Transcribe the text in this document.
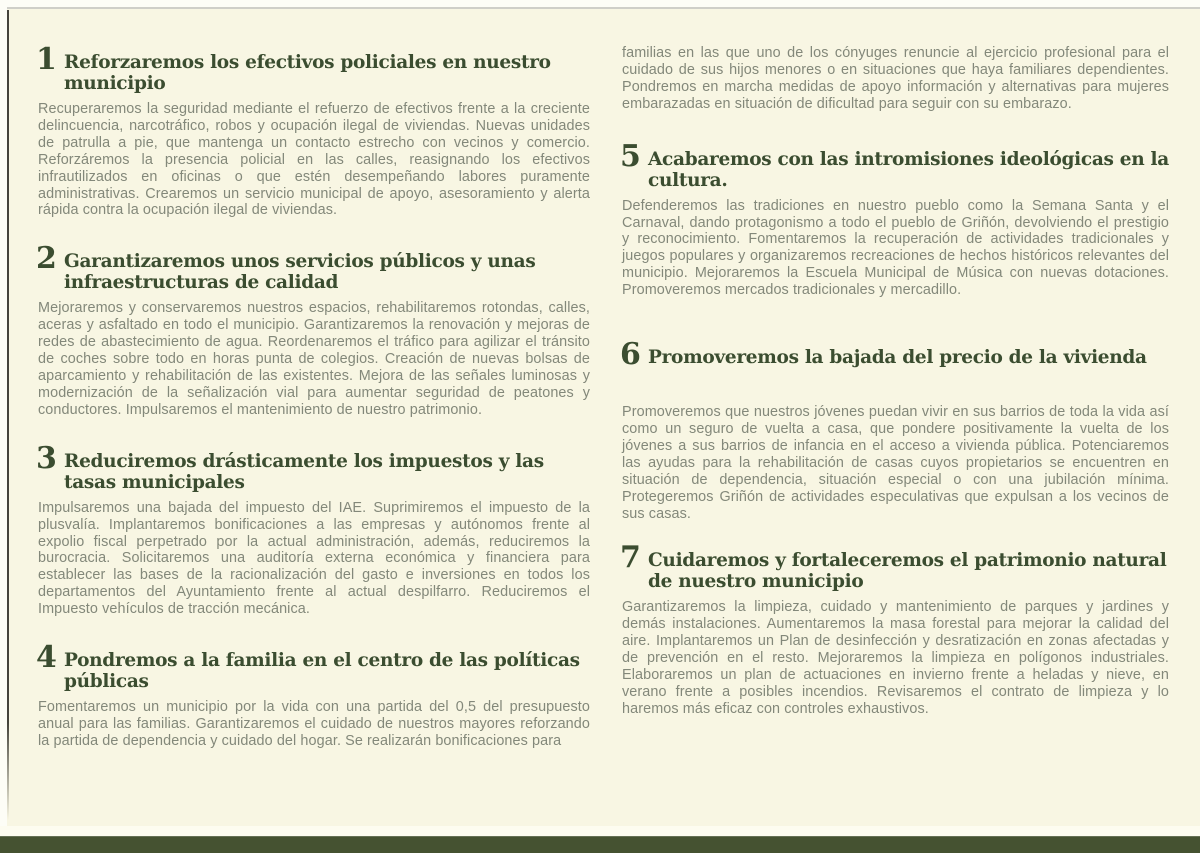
1 Reforzaremos los efectivos policiales en nuestro municipio

Recuperaremos la seguridad mediante el refuerzo de efectivos frente a la creciente delincuencia, narcotráfico, robos y ocupación ilegal de viviendas. Nuevas unidades de patrulla a pie, que mantenga un contacto estrecho con vecinos y comercio. Reforzáremos la presencia policial en las calles, reasignando los efectivos infrautilizados en oficinas o que estén desempeñando labores puramente administrativas. Crearemos un servicio municipal de apoyo, asesoramiento y alerta rápida contra la ocupación ilegal de viviendas.

2 Garantizaremos unos servicios públicos y unas infraestructuras de calidad

Mejoraremos y conservaremos nuestros espacios, rehabilitaremos rotondas, calles, aceras y asfaltado en todo el municipio. Garantizaremos la renovación y mejoras de redes de abastecimiento de agua. Reordenaremos el tráfico para agilizar el tránsito de coches sobre todo en horas punta de colegios. Creación de nuevas bolsas de aparcamiento y rehabilitación de las existentes. Mejora de las señales luminosas y modernización de la señalización vial para aumentar seguridad de peatones y conductores. Impulsaremos el mantenimiento de nuestro patrimonio.

3 Reduciremos drásticamente los impuestos y las tasas municipales

Impulsaremos una bajada del impuesto del IAE. Suprimiremos el impuesto de la plusvalía. Implantaremos bonificaciones a las empresas y autónomos frente al expolio fiscal perpetrado por la actual administración, además, reduciremos la burocracia. Solicitaremos una auditoría externa económica y financiera para establecer las bases de la racionalización del gasto e inversiones en todos los departamentos del Ayuntamiento frente al actual despilfarro. Reduciremos el Impuesto vehículos de tracción mecánica.

4 Pondremos a la familia en el centro de las políticas públicas

Fomentaremos un municipio por la vida con una partida del 0,5 del presupuesto anual para las familias. Garantizaremos el cuidado de nuestros mayores reforzando la partida de dependencia y cuidado del hogar. Se realizarán bonificaciones para

familias en las que uno de los cónyuges renuncie al ejercicio profesional para el cuidado de sus hijos menores o en situaciones que haya familiares dependientes. Pondremos en marcha medidas de apoyo información y alternativas para mujeres embarazadas en situación de dificultad para seguir con su embarazo.

5 Acabaremos con las intromisiones ideológicas en la cultura.

Defenderemos las tradiciones en nuestro pueblo como la Semana Santa y el Carnaval, dando protagonismo a todo el pueblo de Griñón, devolviendo el prestigio y reconocimiento. Fomentaremos la recuperación de actividades tradicionales y juegos populares y organizaremos recreaciones de hechos históricos relevantes del municipio. Mejoraremos la Escuela Municipal de Música con nuevas dotaciones. Promoveremos mercados tradicionales y mercadillo.

6 Promoveremos la bajada del precio de la vivienda

Promoveremos que nuestros jóvenes puedan vivir en sus barrios de toda la vida así como un seguro de vuelta a casa, que pondere positivamente la vuelta de los jóvenes a sus barrios de infancia en el acceso a vivienda pública. Potenciaremos las ayudas para la rehabilitación de casas cuyos propietarios se encuentren en situación de dependencia, situación especial o con una jubilación mínima. Protegeremos Griñón de actividades especulativas que expulsan a los vecinos de sus casas.

7 Cuidaremos y fortaleceremos el patrimonio natural de nuestro municipio

Garantizaremos la limpieza, cuidado y mantenimiento de parques y jardines y demás instalaciones. Aumentaremos la masa forestal para mejorar la calidad del aire. Implantaremos un Plan de desinfección y desratización en zonas afectadas y de prevención en el resto. Mejoraremos la limpieza en polígonos industriales. Elaboraremos un plan de actuaciones en invierno frente a heladas y nieve, en verano frente a posibles incendios. Revisaremos el contrato de limpieza y lo haremos más eficaz con controles exhaustivos.
